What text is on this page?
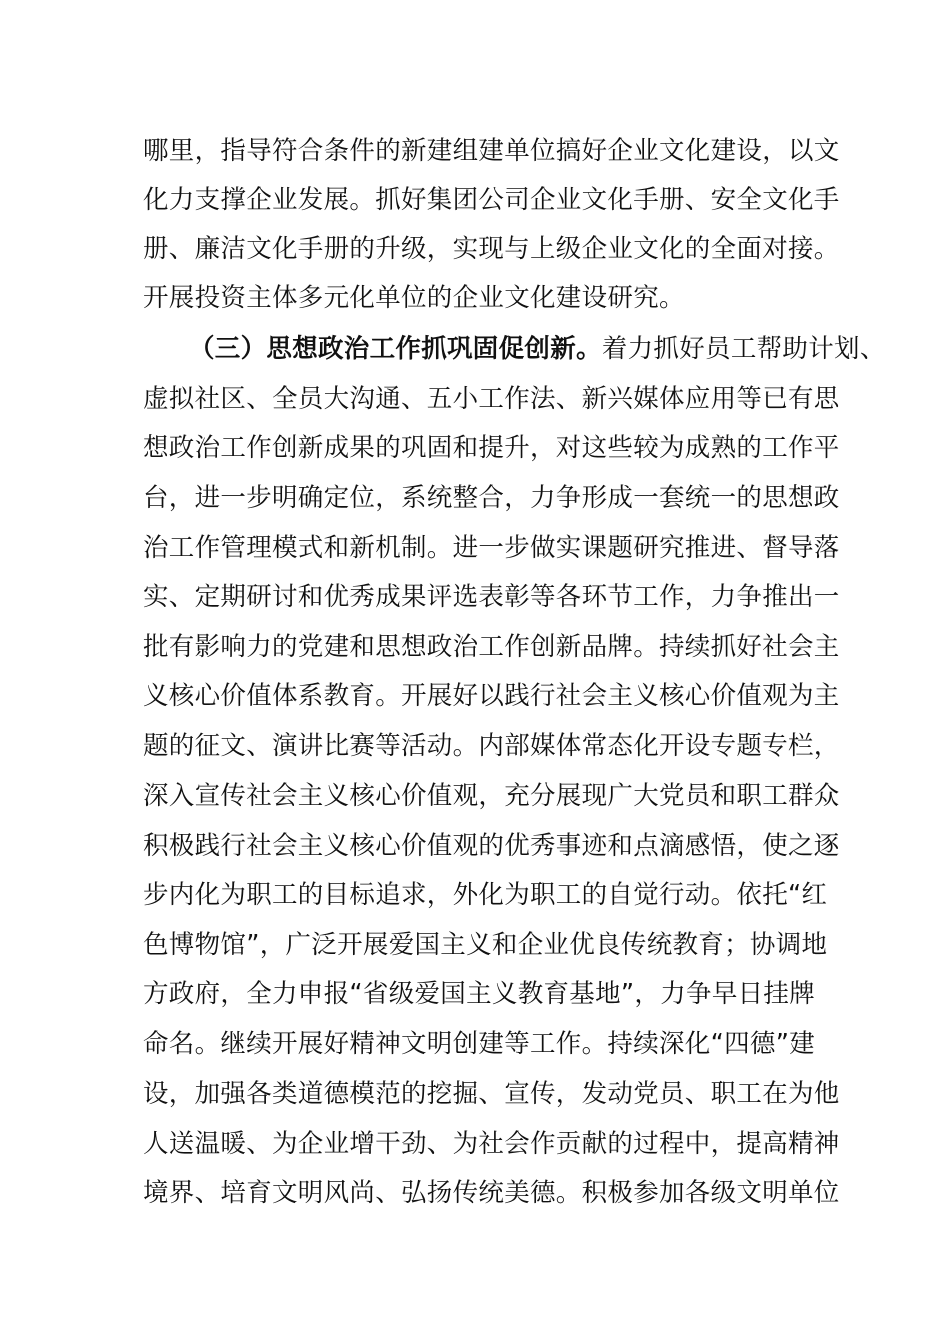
哪里，指导符合条件的新建组建单位搞好企业文化建设，以文
化力支撑企业发展。抓好集团公司企业文化手册、安全文化手
册、廉洁文化手册的升级，实现与上级企业文化的全面对接。
开展投资主体多元化单位的企业文化建设研究。
（三）思想政治工作抓巩固促创新。着力抓好员工帮助计划、
虚拟社区、全员大沟通、五小工作法、新兴媒体应用等已有思
想政治工作创新成果的巩固和提升，对这些较为成熟的工作平
台，进一步明确定位，系统整合，力争形成一套统一的思想政
治工作管理模式和新机制。进一步做实课题研究推进、督导落
实、定期研讨和优秀成果评选表彰等各环节工作，力争推出一
批有影响力的党建和思想政治工作创新品牌。持续抓好社会主
义核心价值体系教育。开展好以践行社会主义核心价值观为主
题的征文、演讲比赛等活动。内部媒体常态化开设专题专栏，
深入宣传社会主义核心价值观，充分展现广大党员和职工群众
积极践行社会主义核心价值观的优秀事迹和点滴感悟，使之逐
步内化为职工的目标追求，外化为职工的自觉行动。依托“红
色博物馆”，广泛开展爱国主义和企业优良传统教育；协调地
方政府，全力申报“省级爱国主义教育基地”，力争早日挂牌
命名。继续开展好精神文明创建等工作。持续深化“四德”建
设，加强各类道德模范的挖掘、宣传，发动党员、职工在为他
人送温暖、为企业增干劲、为社会作贡献的过程中，提高精神
境界、培育文明风尚、弘扬传统美德。积极参加各级文明单位
